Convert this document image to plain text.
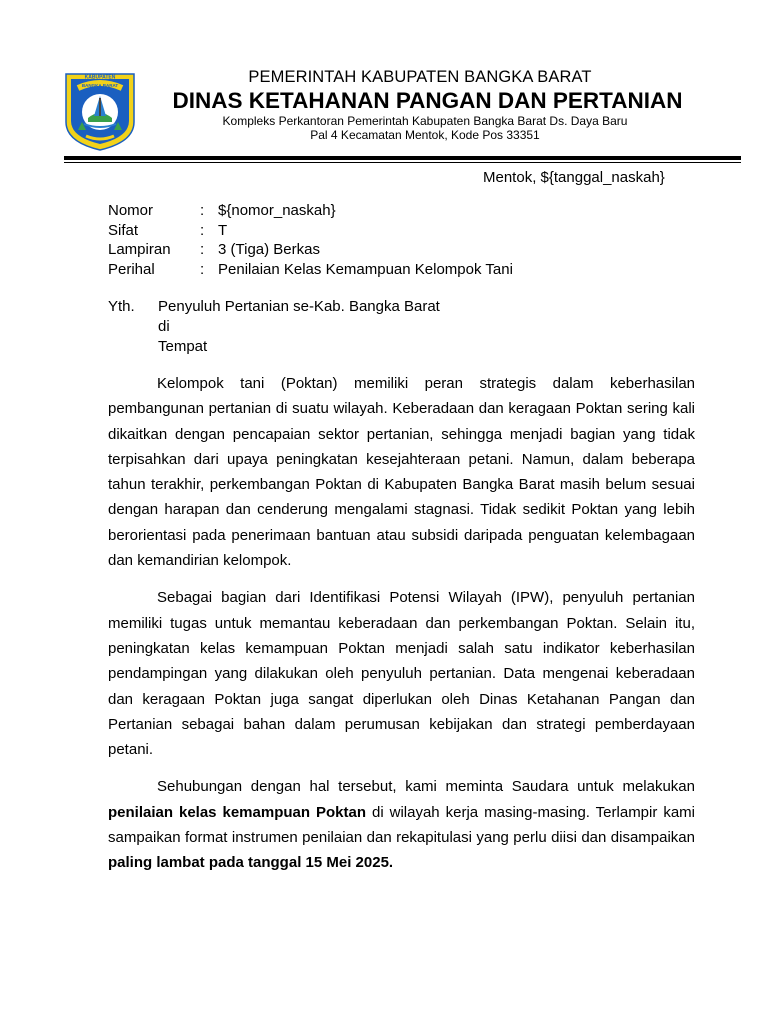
KABUPATEN
BANGKA BARAT	PEMERINTAH KABUPATEN BANGKA BARAT
DINAS KETAHANAN PANGAN DAN PERTANIAN
Kompleks Perkantoran Pemerintah Kabupaten Bangka Barat Ds. Daya Baru
Pal 4 Kecamatan Mentok, Kode Pos 33351
Mentok, ${tanggal_naskah}
Nomor	: ${nomor_naskah}
Sifat	: T
Lampiran	: 3 (Tiga) Berkas
Perihal	: Penilaian Kelas Kemampuan Kelompok Tani
Yth. Penyuluh Pertanian se-Kab. Bangka Barat
di
Tempat

Kelompok tani (Poktan) memiliki peran strategis dalam keberhasilan pembangunan pertanian di suatu wilayah. Keberadaan dan keragaan Poktan sering kali dikaitkan dengan pencapaian sektor pertanian, sehingga menjadi bagian yang tidak terpisahkan dari upaya peningkatan kesejahteraan petani. Namun, dalam beberapa tahun terakhir, perkembangan Poktan di Kabupaten Bangka Barat masih belum sesuai dengan harapan dan cenderung mengalami stagnasi. Tidak sedikit Poktan yang lebih berorientasi pada penerimaan bantuan atau subsidi daripada penguatan kelembagaan dan kemandirian kelompok.

Sebagai bagian dari Identifikasi Potensi Wilayah (IPW), penyuluh pertanian memiliki tugas untuk memantau keberadaan dan perkembangan Poktan. Selain itu, peningkatan kelas kemampuan Poktan menjadi salah satu indikator keberhasilan pendampingan yang dilakukan oleh penyuluh pertanian. Data mengenai keberadaan dan keragaan Poktan juga sangat diperlukan oleh Dinas Ketahanan Pangan dan Pertanian sebagai bahan dalam perumusan kebijakan dan strategi pemberdayaan petani.

Sehubungan dengan hal tersebut, kami meminta Saudara untuk melakukan penilaian kelas kemampuan Poktan di wilayah kerja masing-masing. Terlampir kami sampaikan format instrumen penilaian dan rekapitulasi yang perlu diisi dan disampaikan paling lambat pada tanggal 15 Mei 2025.
